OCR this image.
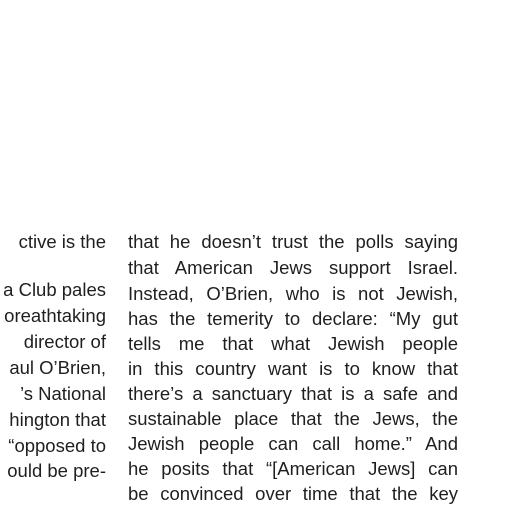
ctive is the
a Club pales
oreathtaking
director of
aul O’Brien,
’s National
hington that
“opposed to
ould be pre-
that he doesn’t trust the polls saying
that American Jews support Israel.
Instead, O’Brien, who is not Jewish,
has the temerity to declare: “My gut
tells me that what Jewish people
in this country want is to know that
there’s a sanctuary that is a safe and
sustainable place that the Jews, the
Jewish people can call home.” And
he posits that “[American Jews] can
be convinced over time that the key
